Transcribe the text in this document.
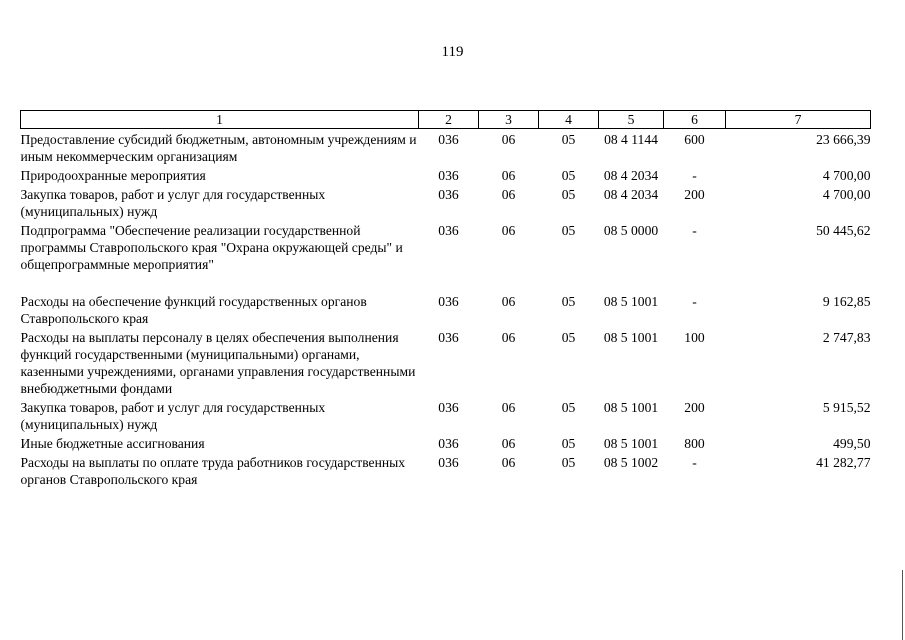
119
1	2	3	4	5	6	7
Предоставление субсидий бюджетным, автономным учреждениям и иным некоммерческим организациям	036	06	05	08 4 1144	600	23 666,39
Природоохранные мероприятия	036	06	05	08 4 2034	-	4 700,00
Закупка товаров, работ и услуг для государственных (муниципальных) нужд	036	06	05	08 4 2034	200	4 700,00
Подпрограмма "Обеспечение реализации государственной программы Ставропольского края "Охрана окружающей среды" и общепрограммные мероприятия"	036	06	05	08 5 0000	-	50 445,62
Расходы на обеспечение функций государственных органов Ставропольского края	036	06	05	08 5 1001	-	9 162,85
Расходы на выплаты персоналу в целях обеспечения выполнения функций государственными (муниципальными) органами, казенными учреждениями, органами управления государственными внебюджетными фондами	036	06	05	08 5 1001	100	2 747,83
Закупка товаров, работ и услуг для государственных (муниципальных) нужд	036	06	05	08 5 1001	200	5 915,52
Иные бюджетные ассигнования	036	06	05	08 5 1001	800	499,50
Расходы на выплаты по оплате труда работников государственных органов Ставропольского края	036	06	05	08 5 1002	-	41 282,77
